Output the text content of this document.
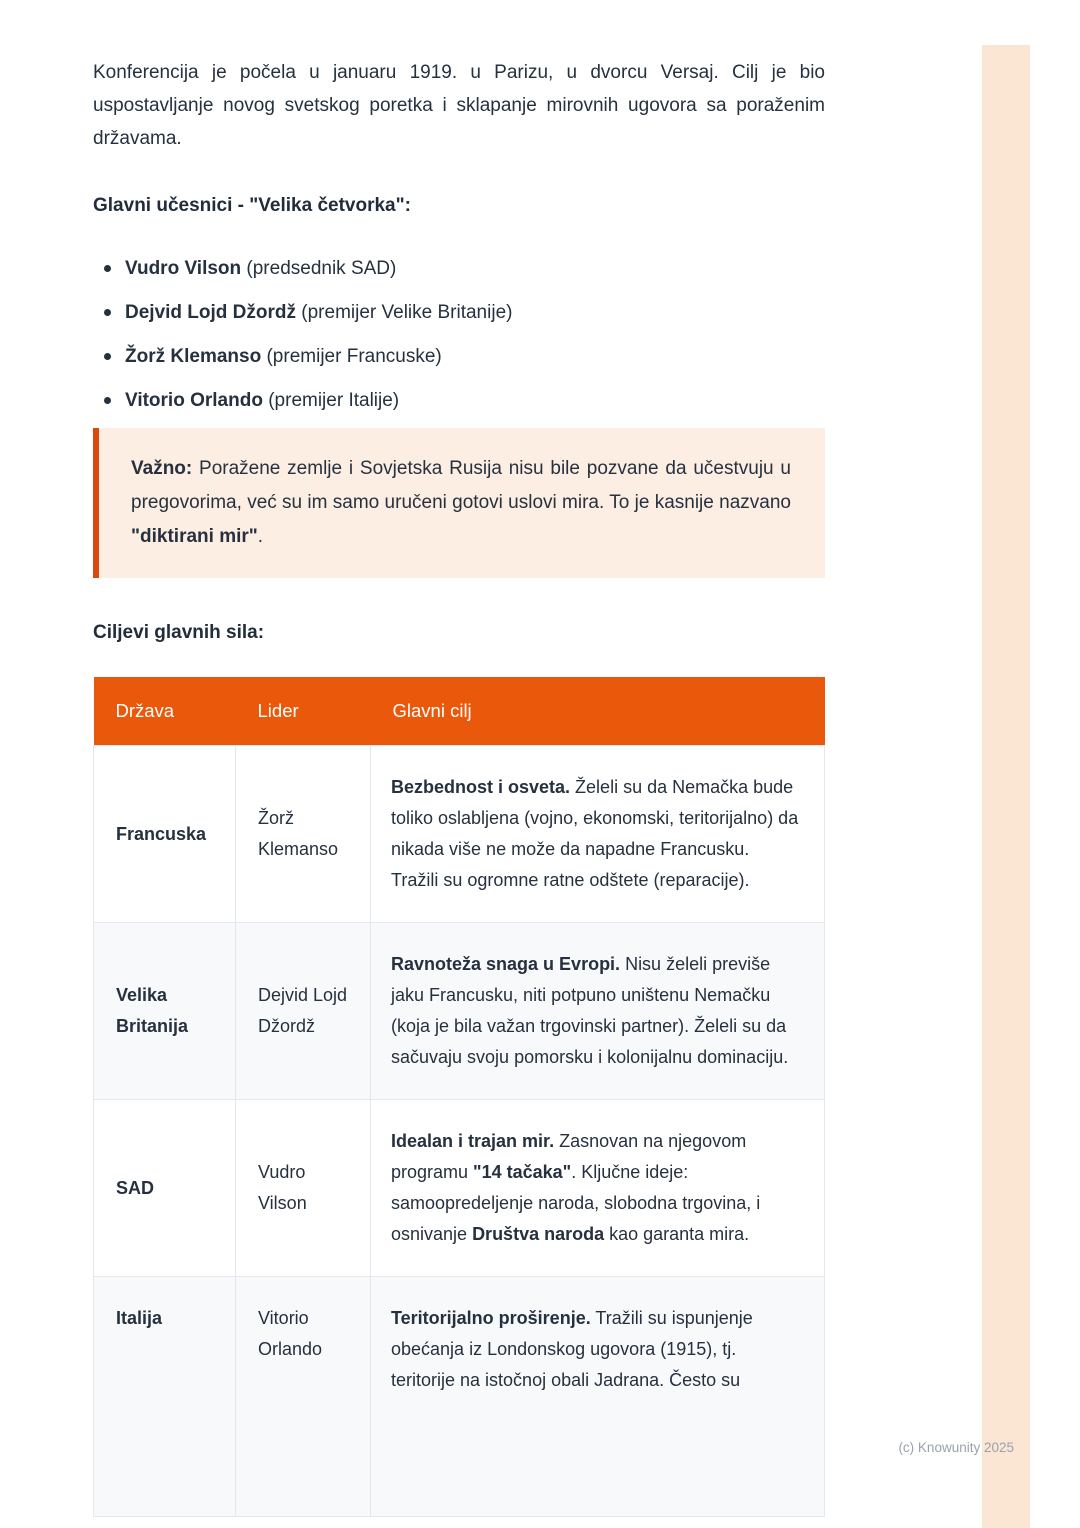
Konferencija je počela u januaru 1919. u Parizu, u dvorcu Versaj. Cilj je bio uspostavljanje novog svetskog poretka i sklapanje mirovnih ugovora sa poraženim državama.

Glavni učesnici - "Velika četvorka":
Vudro Vilson (predsednik SAD)
Dejvid Lojd Džordž (premijer Velike Britanije)
Žorž Klemanso (premijer Francuske)
Vitorio Orlando (premijer Italije)

Važno: Poražene zemlje i Sovjetska Rusija nisu bile pozvane da učestvuju u pregovorima, već su im samo uručeni gotovi uslovi mira. To je kasnije nazvano "diktirani mir".

Ciljevi glavnih sila:
Država	Lider	Glavni cilj
Francuska	Žorž Klemanso	Bezbednost i osveta. Želeli su da Nemačka bude toliko oslabljena (vojno, ekonomski, teritorijalno) da nikada više ne može da napadne Francusku. Tražili su ogromne ratne odštete (reparacije).
Velika Britanija	Dejvid Lojd Džordž	Ravnoteža snaga u Evropi. Nisu želeli previše jaku Francusku, niti potpuno uništenu Nemačku (koja je bila važan trgovinski partner). Želeli su da sačuvaju svoju pomorsku i kolonijalnu dominaciju.
SAD	Vudro Vilson	Idealan i trajan mir. Zasnovan na njegovom programu "14 tačaka". Ključne ideje: samoopredeljenje naroda, slobodna trgovina, i osnivanje Društva naroda kao garanta mira.
Italija	Vitorio Orlando	Teritorijalno proširenje. Tražili su ispunjenje obećanja iz Londonskog ugovora (1915), tj. teritorije na istočnoj obali Jadrana. Često su
(c) Knowunity 2025
